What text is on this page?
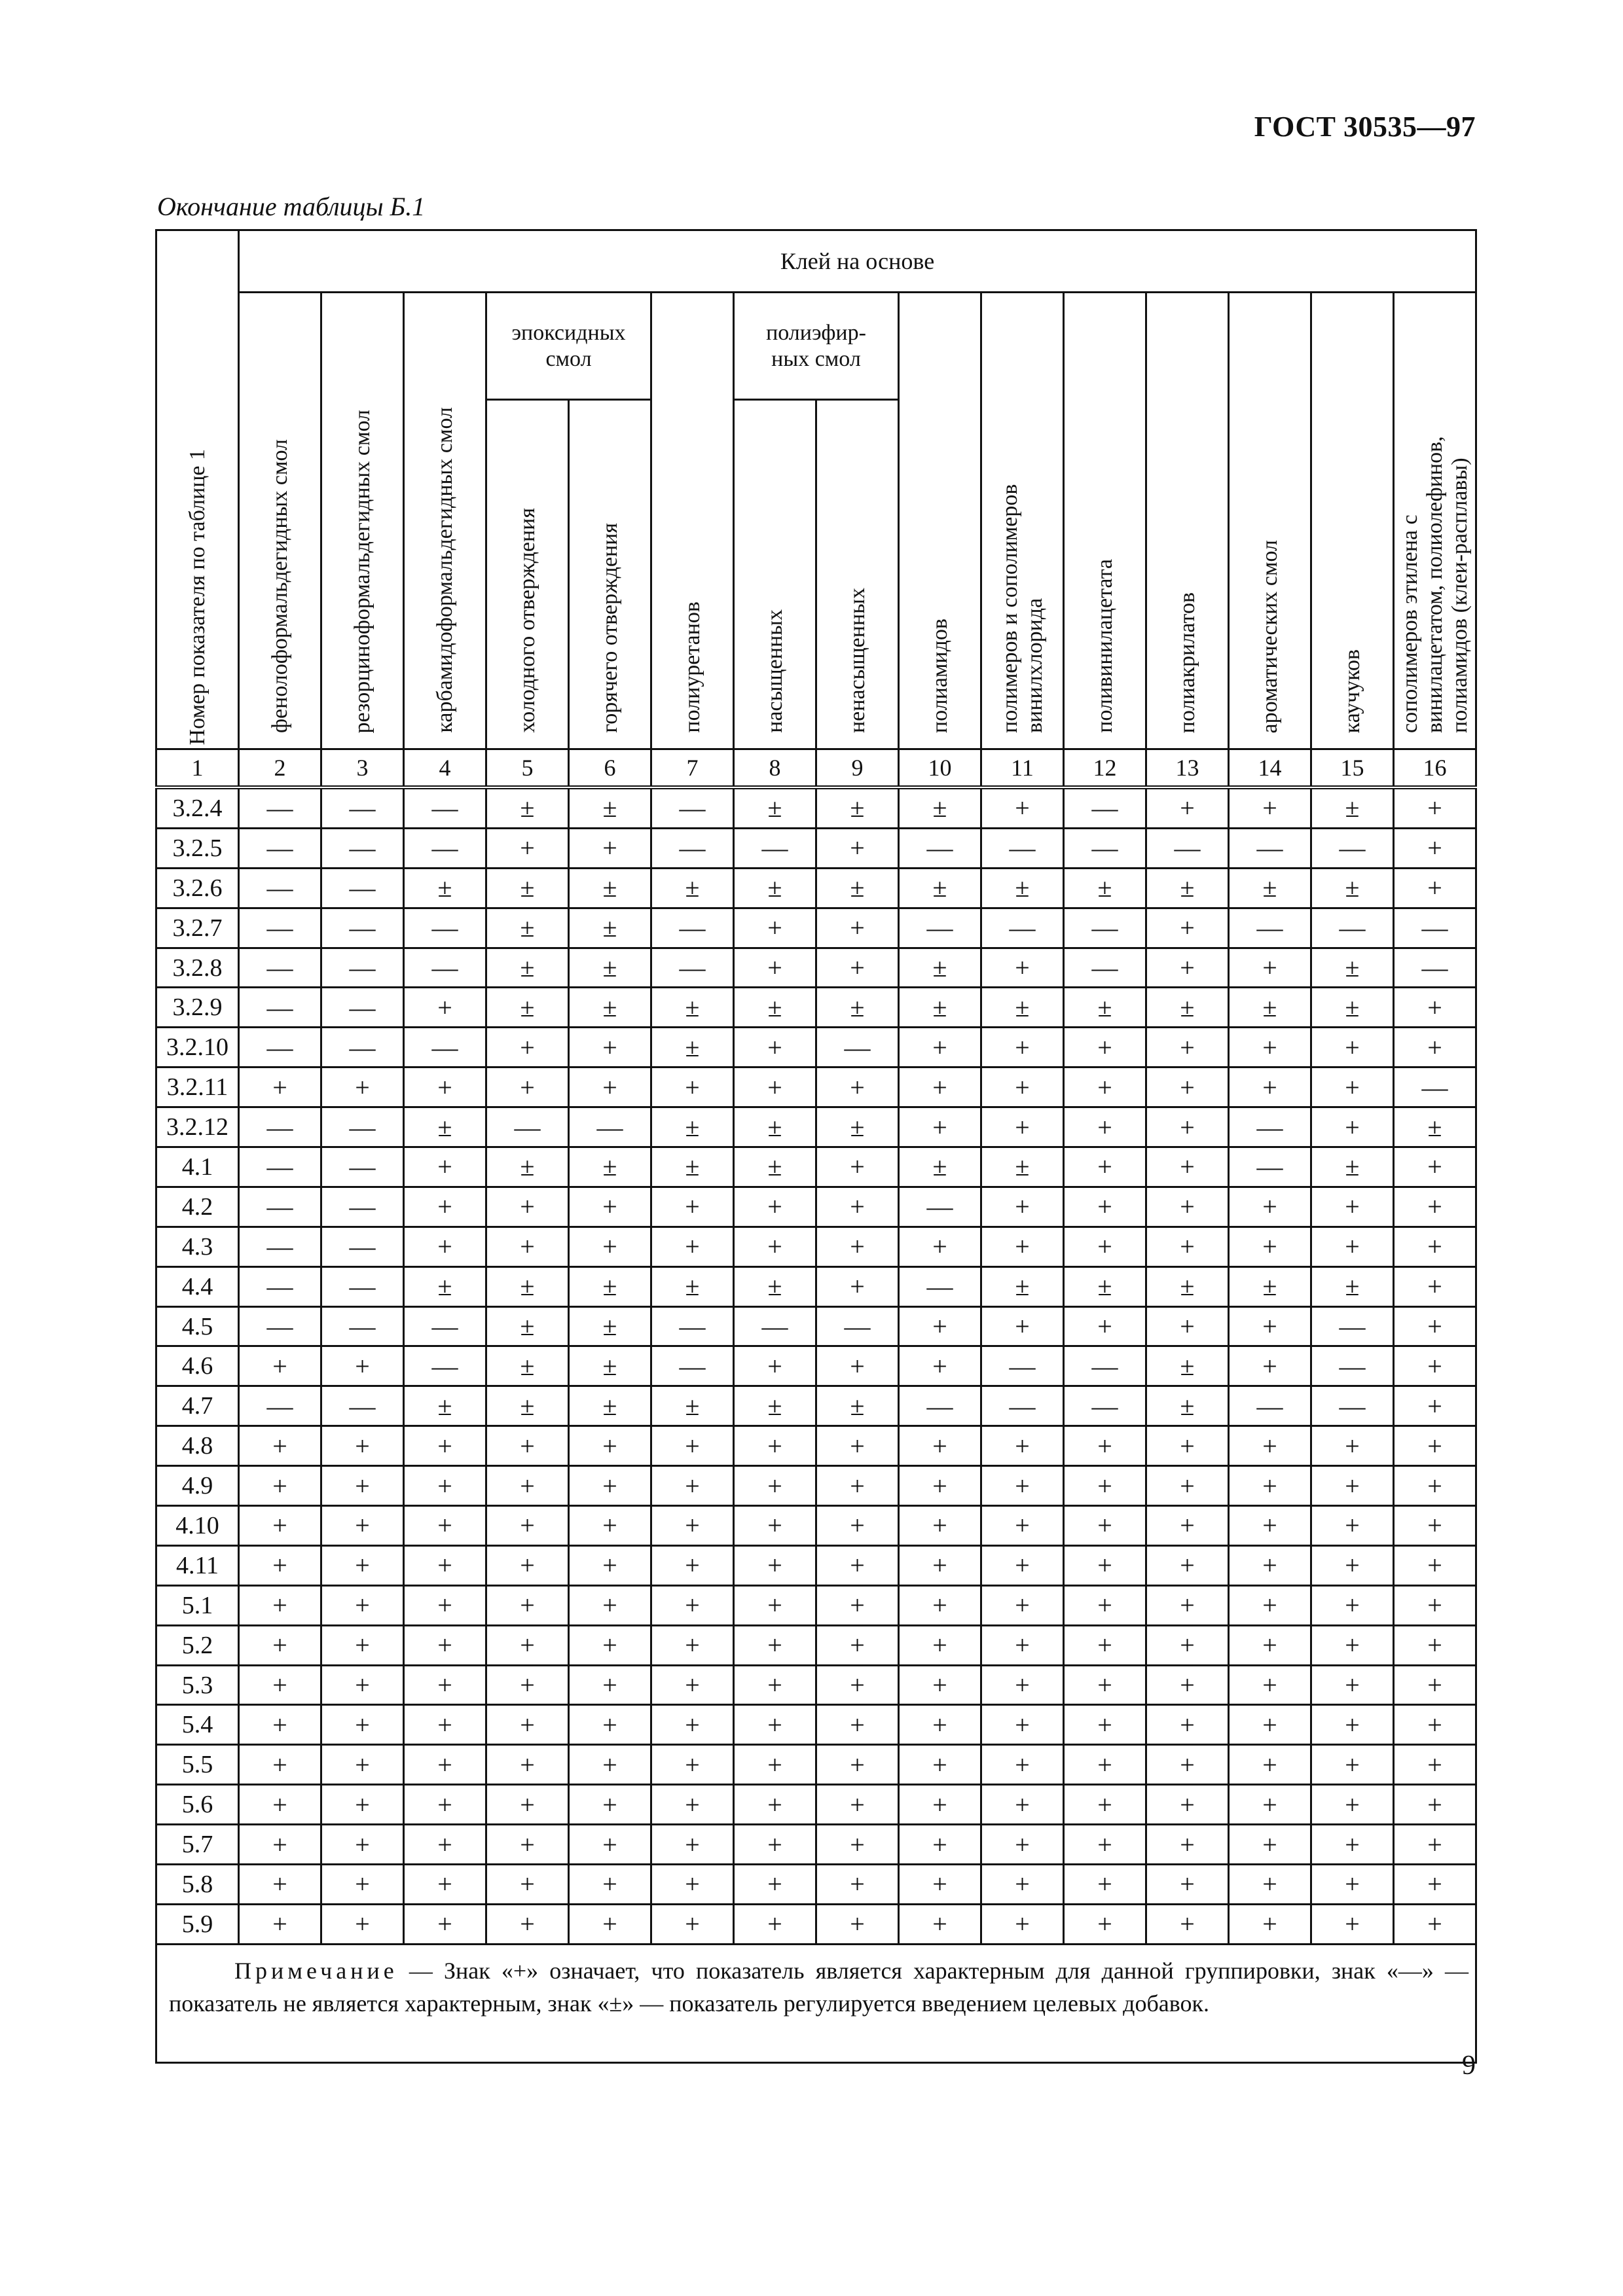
ГОСТ 30535—97
Окончание таблицы Б.1
Номер показателя по таблице 1	Клей на основе														
	фенолоформальдегидных смол	резорциноформальдегидных смол	карбамидоформальдегидных смол	эпоксидных смол		полиуретанов	полиэфир-ных смол		полиамидов	полимеров и сополимеров винилхлорида	поливинилацетата	полиакрилатов	ароматических смол	каучуков	сополимеров этилена с винилацетатом, полиолефинов, полиамидов (клеи-расплавы)
				холодного отверждения	горячего отверждения		насыщенных	ненасыщенных							
1	2	3	4	5	6	7	8	9	10	11	12	13	14	15	16
3.2.4	—	—	—	±	±	—	±	±	±	+	—	+	+	±	+
3.2.5	—	—	—	+	+	—	—	+	—	—	—	—	—	—	+
3.2.6	—	—	±	±	±	±	±	±	±	±	±	±	±	±	+
3.2.7	—	—	—	±	±	—	+	+	—	—	—	+	—	—	—
3.2.8	—	—	—	±	±	—	+	+	±	+	—	+	+	±	—
3.2.9	—	—	+	±	±	±	±	±	±	±	±	±	±	±	+
3.2.10	—	—	—	+	+	±	+	—	+	+	+	+	+	+	+
3.2.11	+	+	+	+	+	+	+	+	+	+	+	+	+	+	—
3.2.12	—	—	±	—	—	±	±	±	+	+	+	+	—	+	±
4.1	—	—	+	±	±	±	±	+	±	±	+	+	—	±	+
4.2	—	—	+	+	+	+	+	+	—	+	+	+	+	+	+
4.3	—	—	+	+	+	+	+	+	+	+	+	+	+	+	+
4.4	—	—	±	±	±	±	±	+	—	±	±	±	±	±	+
4.5	—	—	—	±	±	—	—	—	+	+	+	+	+	—	+
4.6	+	+	—	±	±	—	+	+	+	—	—	±	+	—	+
4.7	—	—	±	±	±	±	±	±	—	—	—	±	—	—	+
4.8	+	+	+	+	+	+	+	+	+	+	+	+	+	+	+
4.9	+	+	+	+	+	+	+	+	+	+	+	+	+	+	+
4.10	+	+	+	+	+	+	+	+	+	+	+	+	+	+	+
4.11	+	+	+	+	+	+	+	+	+	+	+	+	+	+	+
5.1	+	+	+	+	+	+	+	+	+	+	+	+	+	+	+
5.2	+	+	+	+	+	+	+	+	+	+	+	+	+	+	+
5.3	+	+	+	+	+	+	+	+	+	+	+	+	+	+	+
5.4	+	+	+	+	+	+	+	+	+	+	+	+	+	+	+
5.5	+	+	+	+	+	+	+	+	+	+	+	+	+	+	+
5.6	+	+	+	+	+	+	+	+	+	+	+	+	+	+	+
5.7	+	+	+	+	+	+	+	+	+	+	+	+	+	+	+
5.8	+	+	+	+	+	+	+	+	+	+	+	+	+	+	+
5.9	+	+	+	+	+	+	+	+	+	+	+	+	+	+	+
Примечание — Знак «+» означает, что показатель является характерным для данной группировки, знак «—» — показатель не является характерным, знак «±» — показатель регулируется введением целевых добавок.															
9
